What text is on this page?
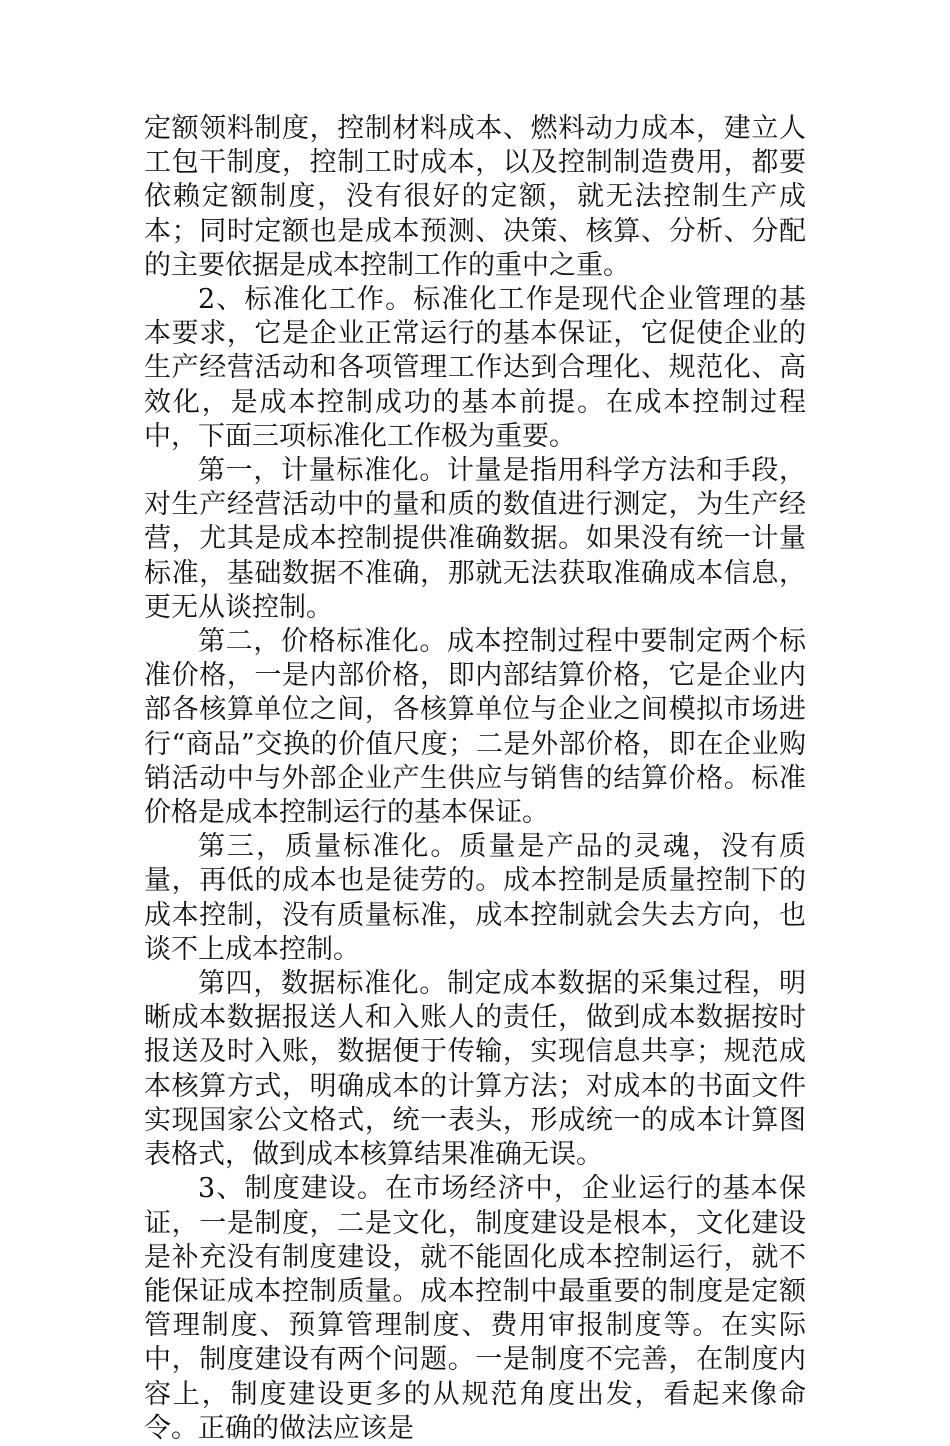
定额领料制度，控制材料成本、燃料动力成本，建立人工包干制度，控制工时成本，以及控制制造费用，都要依赖定额制度，没有很好的定额，就无法控制生产成本；同时定额也是成本预测、决策、核算、分析、分配的主要依据是成本控制工作的重中之重。

2、标准化工作。标准化工作是现代企业管理的基本要求，它是企业正常运行的基本保证，它促使企业的生产经营活动和各项管理工作达到合理化、规范化、高效化，是成本控制成功的基本前提。在成本控制过程中，下面三项标准化工作极为重要。

第一，计量标准化。计量是指用科学方法和手段，对生产经营活动中的量和质的数值进行测定，为生产经营，尤其是成本控制提供准确数据。如果没有统一计量标准，基础数据不准确，那就无法获取准确成本信息，更无从谈控制。

第二，价格标准化。成本控制过程中要制定两个标准价格，一是内部价格，即内部结算价格，它是企业内部各核算单位之间，各核算单位与企业之间模拟市场进行“商品”交换的价值尺度；二是外部价格，即在企业购销活动中与外部企业产生供应与销售的结算价格。标准价格是成本控制运行的基本保证。

第三，质量标准化。质量是产品的灵魂，没有质量，再低的成本也是徒劳的。成本控制是质量控制下的成本控制，没有质量标准，成本控制就会失去方向，也谈不上成本控制。

第四，数据标准化。制定成本数据的采集过程，明晰成本数据报送人和入账人的责任，做到成本数据按时报送及时入账，数据便于传输，实现信息共享；规范成本核算方式，明确成本的计算方法；对成本的书面文件实现国家公文格式，统一表头，形成统一的成本计算图表格式，做到成本核算结果准确无误。

3、制度建设。在市场经济中，企业运行的基本保证，一是制度，二是文化，制度建设是根本，文化建设是补充没有制度建设，就不能固化成本控制运行，就不能保证成本控制质量。成本控制中最重要的制度是定额管理制度、预算管理制度、费用审报制度等。在实际中，制度建设有两个问题。一是制度不完善，在制度内容上，制度建设更多的从规范角度出发，看起来像命令。正确的做法应该是
